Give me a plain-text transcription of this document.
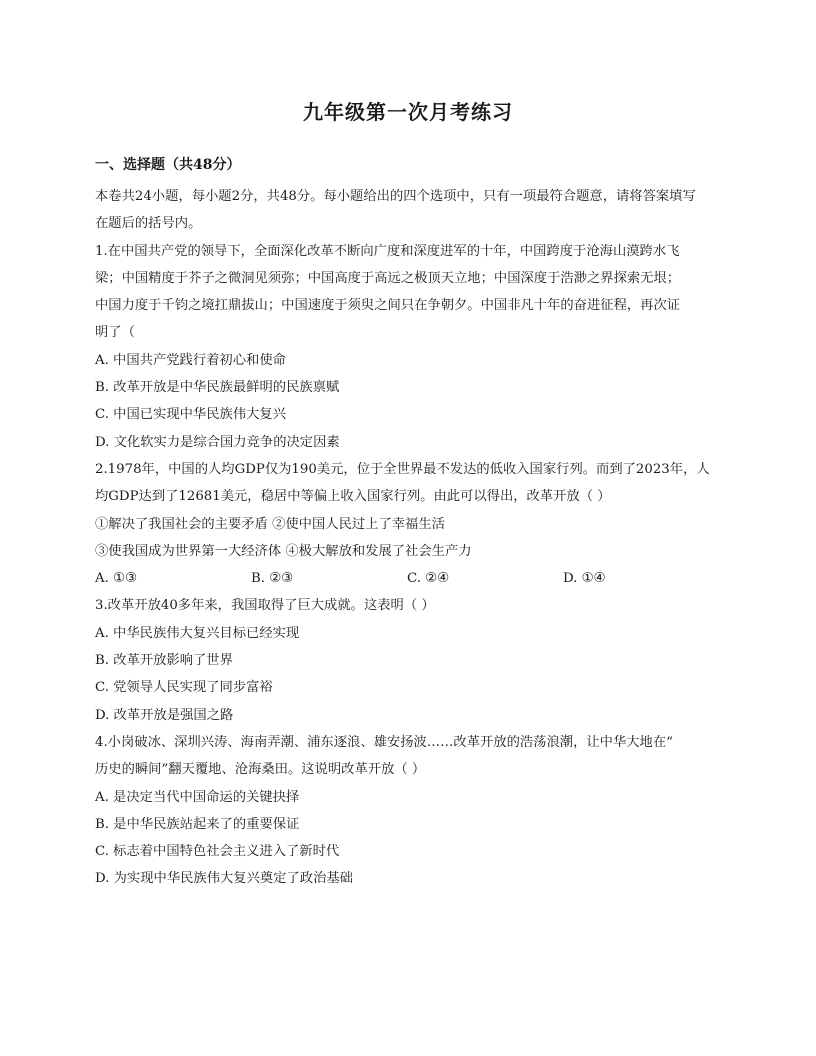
九年级第一次月考练习
一、选择题（共48分）
本卷共24小题，每小题2分，共48分。每小题给出的四个选项中，只有一项最符合题意，请将答案填写
在题后的括号内。
1.在中国共产党的领导下，全面深化改革不断向广度和深度进军的十年，中国跨度于沧海山漠跨水飞
梁；中国精度于芥子之微洞见须弥；中国高度于高远之极顶天立地；中国深度于浩渺之界探索无垠；
中国力度于千钧之境扛鼎拔山；中国速度于须臾之间只在争朝夕。中国非凡十年的奋进征程，再次证
明了（
A. 中国共产党践行着初心和使命
B. 改革开放是中华民族最鲜明的民族禀赋
C. 中国已实现中华民族伟大复兴
D. 文化软实力是综合国力竞争的决定因素
2.1978年，中国的人均GDP仅为190美元，位于全世界最不发达的低收入国家行列。而到了2023年，人
均GDP达到了12681美元，稳居中等偏上收入国家行列。由此可以得出，改革开放（ ）
①解决了我国社会的主要矛盾 ②使中国人民过上了幸福生活
③使我国成为世界第一大经济体 ④极大解放和发展了社会生产力
A. ①③	B. ②③	C. ②④	D. ①④
3.改革开放40多年来，我国取得了巨大成就。这表明（ ）
A. 中华民族伟大复兴目标已经实现
B. 改革开放影响了世界
C. 党领导人民实现了同步富裕
D. 改革开放是强国之路
4.小岗破冰、深圳兴涛、海南弄潮、浦东逐浪、雄安扬波……改革开放的浩荡浪潮，让中华大地在“
历史的瞬间”翻天覆地、沧海桑田。这说明改革开放（ ）
A. 是决定当代中国命运的关键抉择
B. 是中华民族站起来了的重要保证
C. 标志着中国特色社会主义进入了新时代
D. 为实现中华民族伟大复兴奠定了政治基础
